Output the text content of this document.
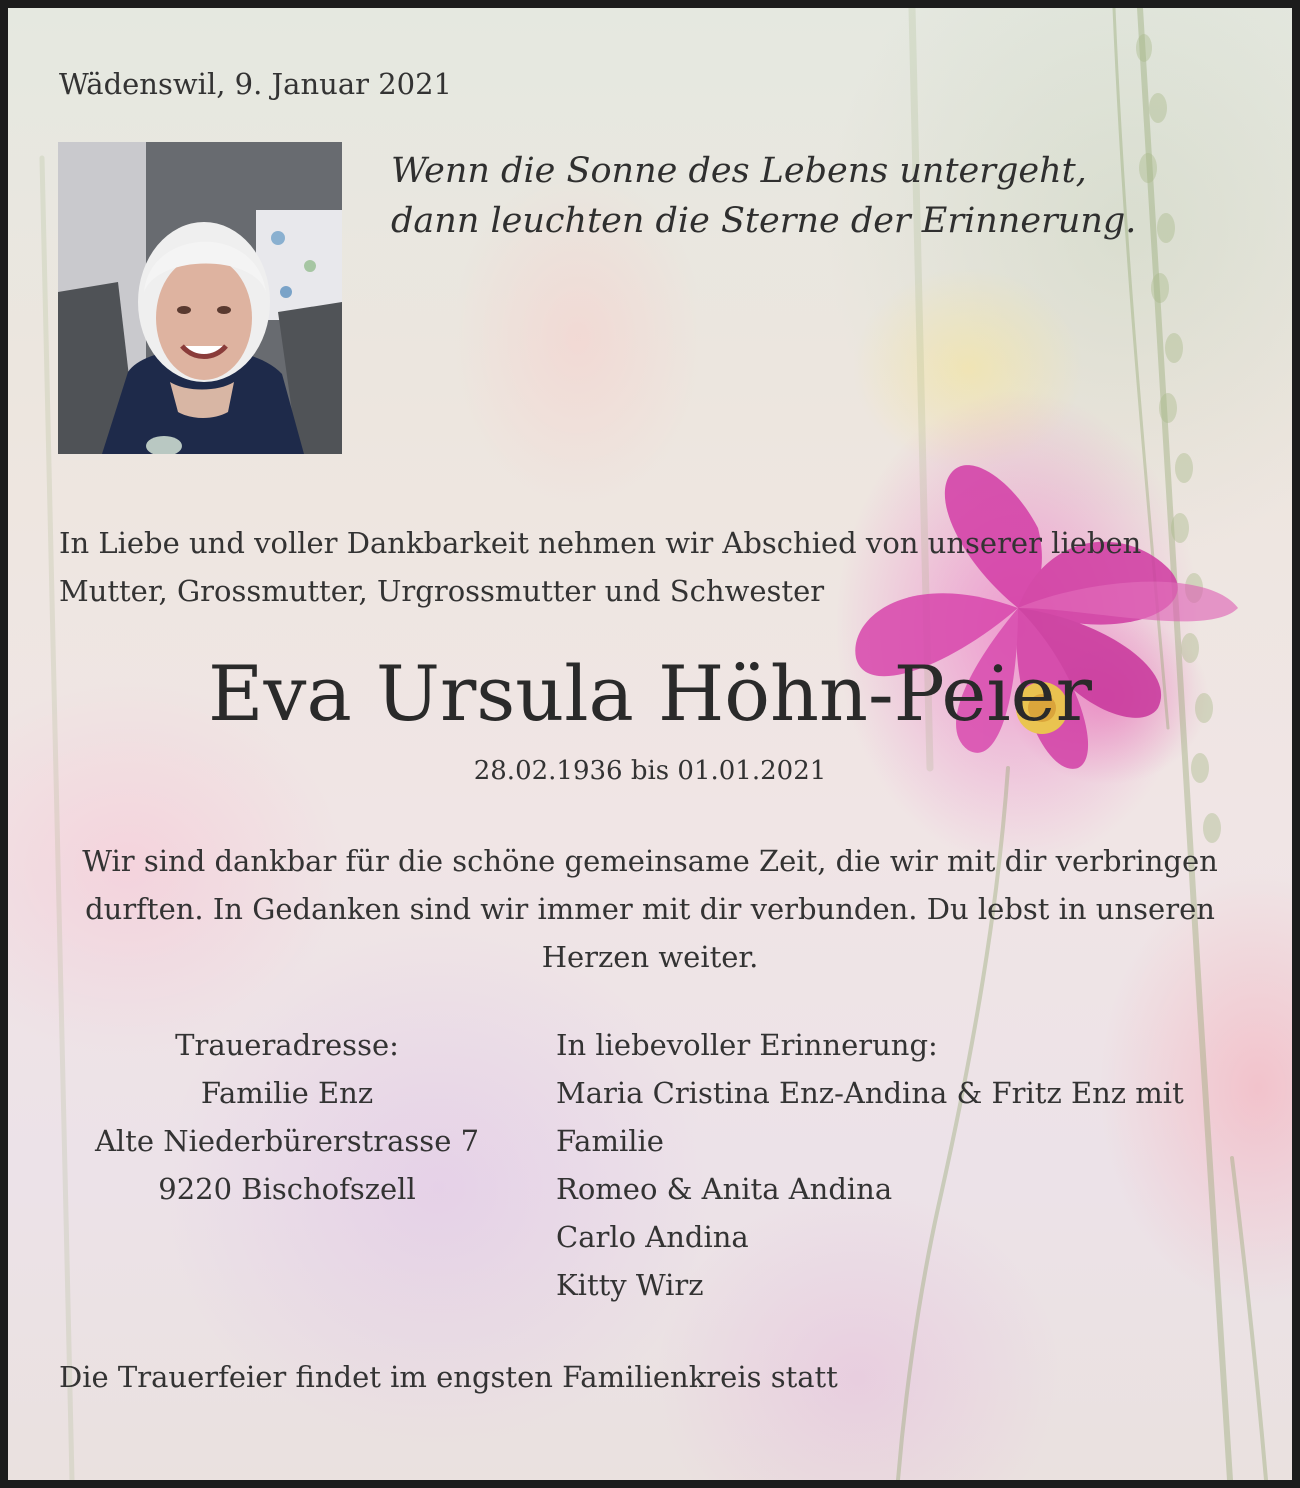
Wädenswil, 9. Januar 2021
Wenn die Sonne des Lebens untergeht,
dann leuchten die Sterne der Erinnerung.
In Liebe und voller Dankbarkeit nehmen wir Abschied von unserer lieben
Mutter, Grossmutter, Urgrossmutter und Schwester
Eva Ursula Höhn-Peier
28.02.1936 bis 01.01.2021
Wir sind dankbar für die schöne gemeinsame Zeit, die wir mit dir verbringen durften. In Gedanken sind wir immer mit dir verbunden. Du lebst in unseren Herzen weiter.
Traueradresse:
Familie Enz
Alte Niederbürerstrasse 7
9220 Bischofszell
In liebevoller Erinnerung:
Maria Cristina Enz-Andina & Fritz Enz mit
Familie
Romeo & Anita Andina
Carlo Andina
Kitty Wirz
Die Trauerfeier findet im engsten Familienkreis statt
